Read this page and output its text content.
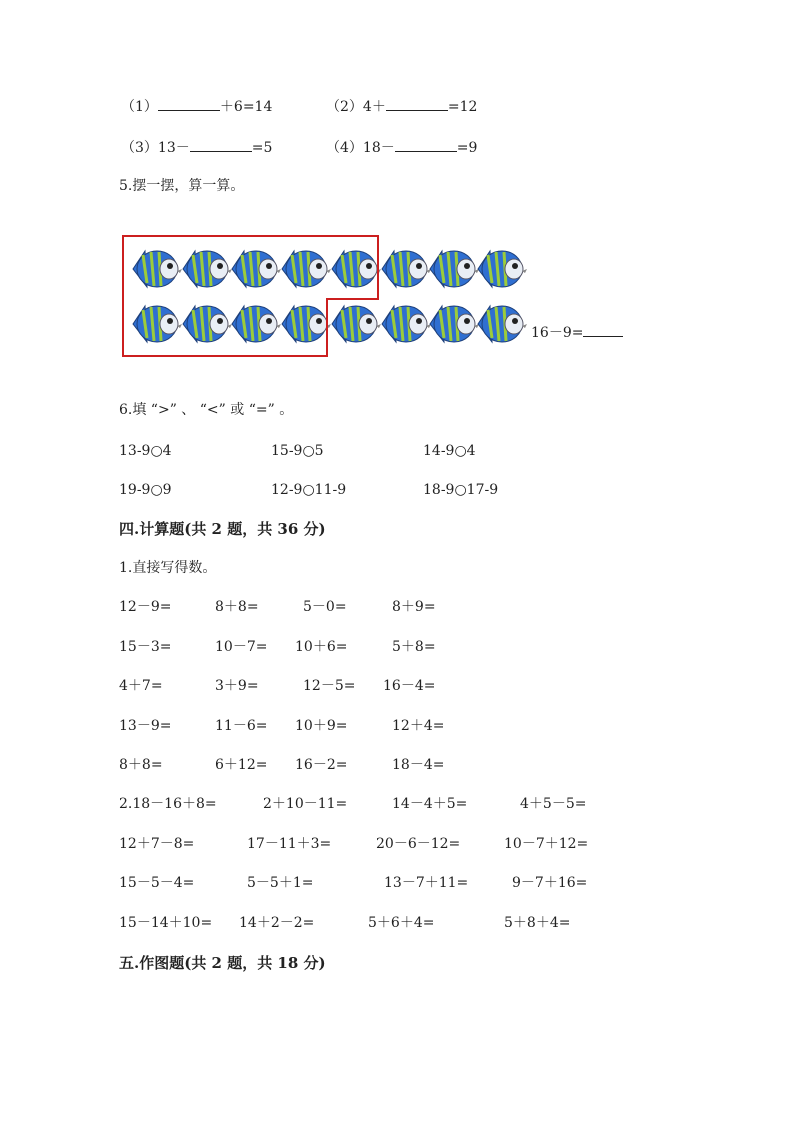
（1）	＋6=14	（2）4＋	=12
（3）13－	=5	（4）18－	=9
5.摆一摆，算一算。
16－9=
6.填 “>” 、 “<” 或 “=” 。
13-9○4	15-9○5	14-9○4
19-9○9	12-9○11-9	18-9○17-9
四.计算题(共 2 题，共 36 分)
1.直接写得数。
12－9=	8＋8=	5－0=	8＋9=
15－3=	10－7= 10＋6=	5＋8=
4＋7=	3＋9=	12－5= 16－4=
13－9=	11－6= 10＋9=	12＋4=
8＋8=	6＋12= 16－2=	18－4=
2.18－16＋8=	2＋10－11=	14－4＋5=	4＋5－5=
12＋7－8=	17－11＋3=	20－6－12=	10－7＋12=
15－5－4=	5－5＋1=	13－7＋11=	9－7＋16=
15－14＋10= 14＋2－2=	5＋6＋4=	5＋8＋4=
五.作图题(共 2 题，共 18 分)
